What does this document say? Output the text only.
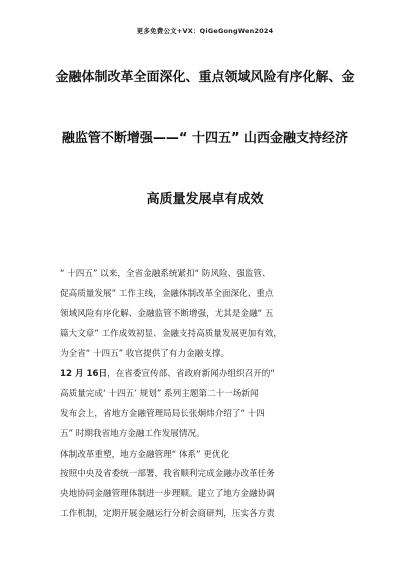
更多免费公文+VX：QiGeGongWen2024
金融体制改革全面深化、重点领域风险有序化解、金
融监管不断增强——“ 十四五” 山西金融支持经济
高质量发展卓有成效
“ 十四五” 以来，全省金融系统紧扣“ 防风险、强监管、
促高质量发展” 工作主线，金融体制改革全面深化、重点
领域风险有序化解、金融监管不断增强，尤其是金融“ 五
篇大文章” 工作成效初显、金融支持高质量发展更加有效，
为全省“ 十四五” 收官提供了有力金融支撑。
12 月 16日，在省委宣传部、省政府新闻办组织召开的“
高质量完成‘ 十四五’ 规划” 系列主题第二十一场新闻
发布会上，省地方金融管理局局长张炯炜介绍了“ 十四
五” 时期我省地方金融工作发展情况。
体制改革重塑，地方金融管理“ 体系” 更优化
按照中央及省委统一部署，我省顺利完成金融办改革任务
央地协同金融管理体制进一步理顺。建立了地方金融协调
工作机制，定期开展金融运行分析会商研判，压实各方责
